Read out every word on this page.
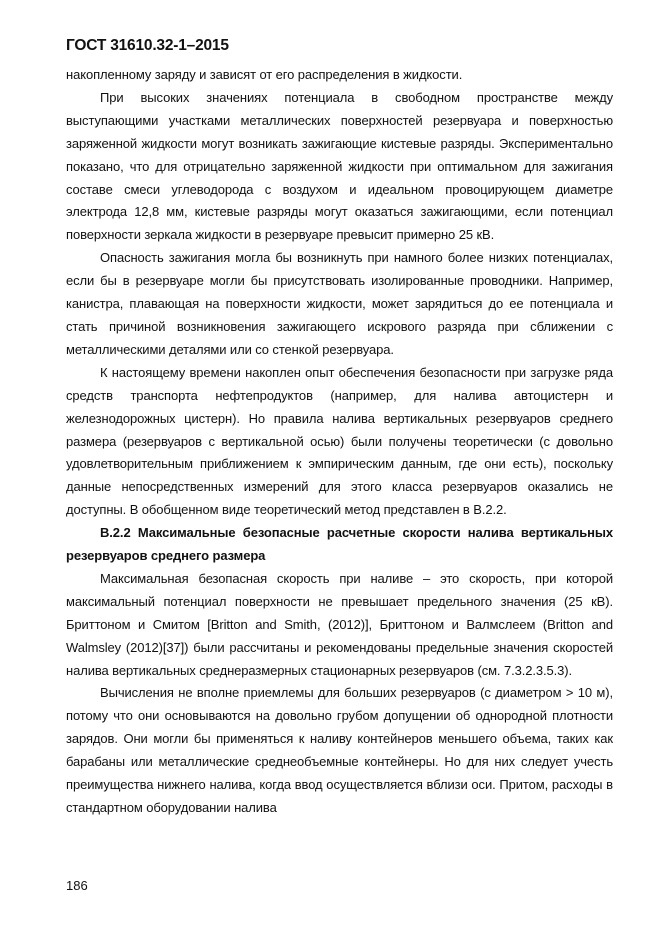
ГОСТ 31610.32-1–2015

накопленному заряду и зависят от его распределения в жидкости.

При высоких значениях потенциала в свободном пространстве между выступающими участками металлических поверхностей резервуара и поверхностью заряженной жидкости могут возникать зажигающие кистевые разряды. Экспериментально показано, что для отрицательно заряженной жидкости при оптимальном для зажигания составе смеси углеводорода с воздухом и идеальном провоцирующем диаметре электрода 12,8 мм, кистевые разряды могут оказаться зажигающими, если потенциал поверхности зеркала жидкости в резервуаре превысит примерно 25 кВ.

Опасность зажигания могла бы возникнуть при намного более низких потенциалах, если бы в резервуаре могли бы присутствовать изолированные проводники. Например, канистра, плавающая на поверхности жидкости, может зарядиться до ее потенциала и стать причиной возникновения зажигающего искрового разряда при сближении с металлическими деталями или со стенкой резервуара.

К настоящему времени накоплен опыт обеспечения безопасности при загрузке ряда средств транспорта нефтепродуктов (например, для налива автоцистерн и железнодорожных цистерн). Но правила налива вертикальных резервуаров среднего размера (резервуаров с вертикальной осью) были получены теоретически (с довольно удовлетворительным приближением к эмпирическим данным, где они есть), поскольку данные непосредственных измерений для этого класса резервуаров оказались не доступны. В обобщенном виде теоретический метод представлен в В.2.2.

В.2.2 Максимальные безопасные расчетные скорости налива вертикальных резервуаров среднего размера

Максимальная безопасная скорость при наливе – это скорость, при которой максимальный потенциал поверхности не превышает предельного значения (25 кВ). Бриттоном и Смитом [Britton and Smith, (2012)], Бриттоном и Валмслеем (Britton and Walmsley (2012)[37]) были рассчитаны и рекомендованы предельные значения скоростей налива вертикальных среднеразмерных стационарных резервуаров (см. 7.3.2.3.5.3).

Вычисления не вполне приемлемы для больших резервуаров (с диаметром > 10 м), потому что они основываются на довольно грубом допущении об однородной плотности зарядов. Они могли бы применяться к наливу контейнеров меньшего объема, таких как барабаны или металлические среднеобъемные контейнеры. Но для них следует учесть преимущества нижнего налива, когда ввод осуществляется вблизи оси. Притом, расходы в стандартном оборудовании налива

186
